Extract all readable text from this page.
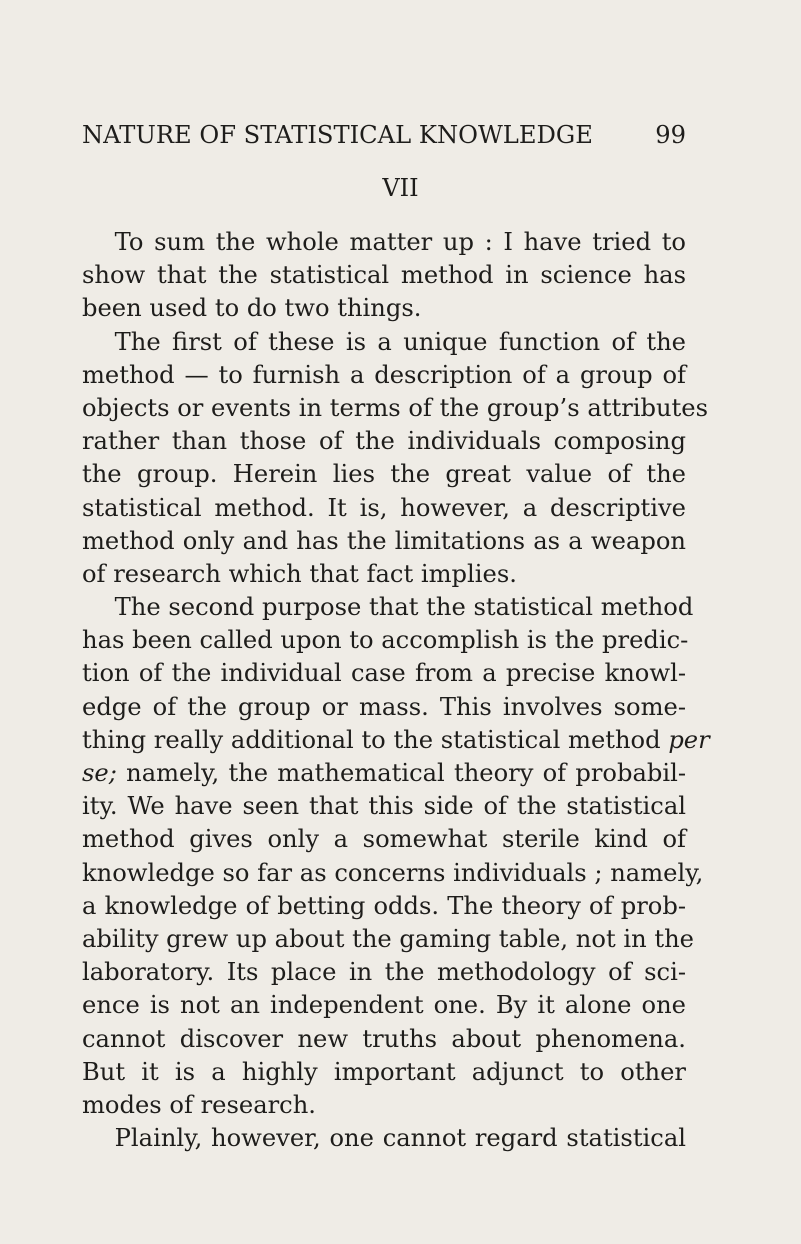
NATURE OF STATISTICAL KNOWLEDGE	99
VII
To sum the whole matter up : I have tried to
show that the statistical method in science has
been used to do two things.
The first of these is a unique function of the
method — to furnish a description of a group of
objects or events in terms of the group’s attributes
rather than those of the individuals composing
the group. Herein lies the great value of the
statistical method. It is, however, a descriptive
method only and has the limitations as a weapon
of research which that fact implies.
The second purpose that the statistical method
has been called upon to accomplish is the predic-
tion of the individual case from a precise knowl-
edge of the group or mass. This involves some-
thing really additional to the statistical method per
se; namely, the mathematical theory of probabil-
ity. We have seen that this side of the statistical
method gives only a somewhat sterile kind of
knowledge so far as concerns individuals ; namely,
a knowledge of betting odds. The theory of prob-
ability grew up about the gaming table, not in the
laboratory. Its place in the methodology of sci-
ence is not an independent one. By it alone one
cannot discover new truths about phenomena.
But it is a highly important adjunct to other
modes of research.
Plainly, however, one cannot regard statistical
